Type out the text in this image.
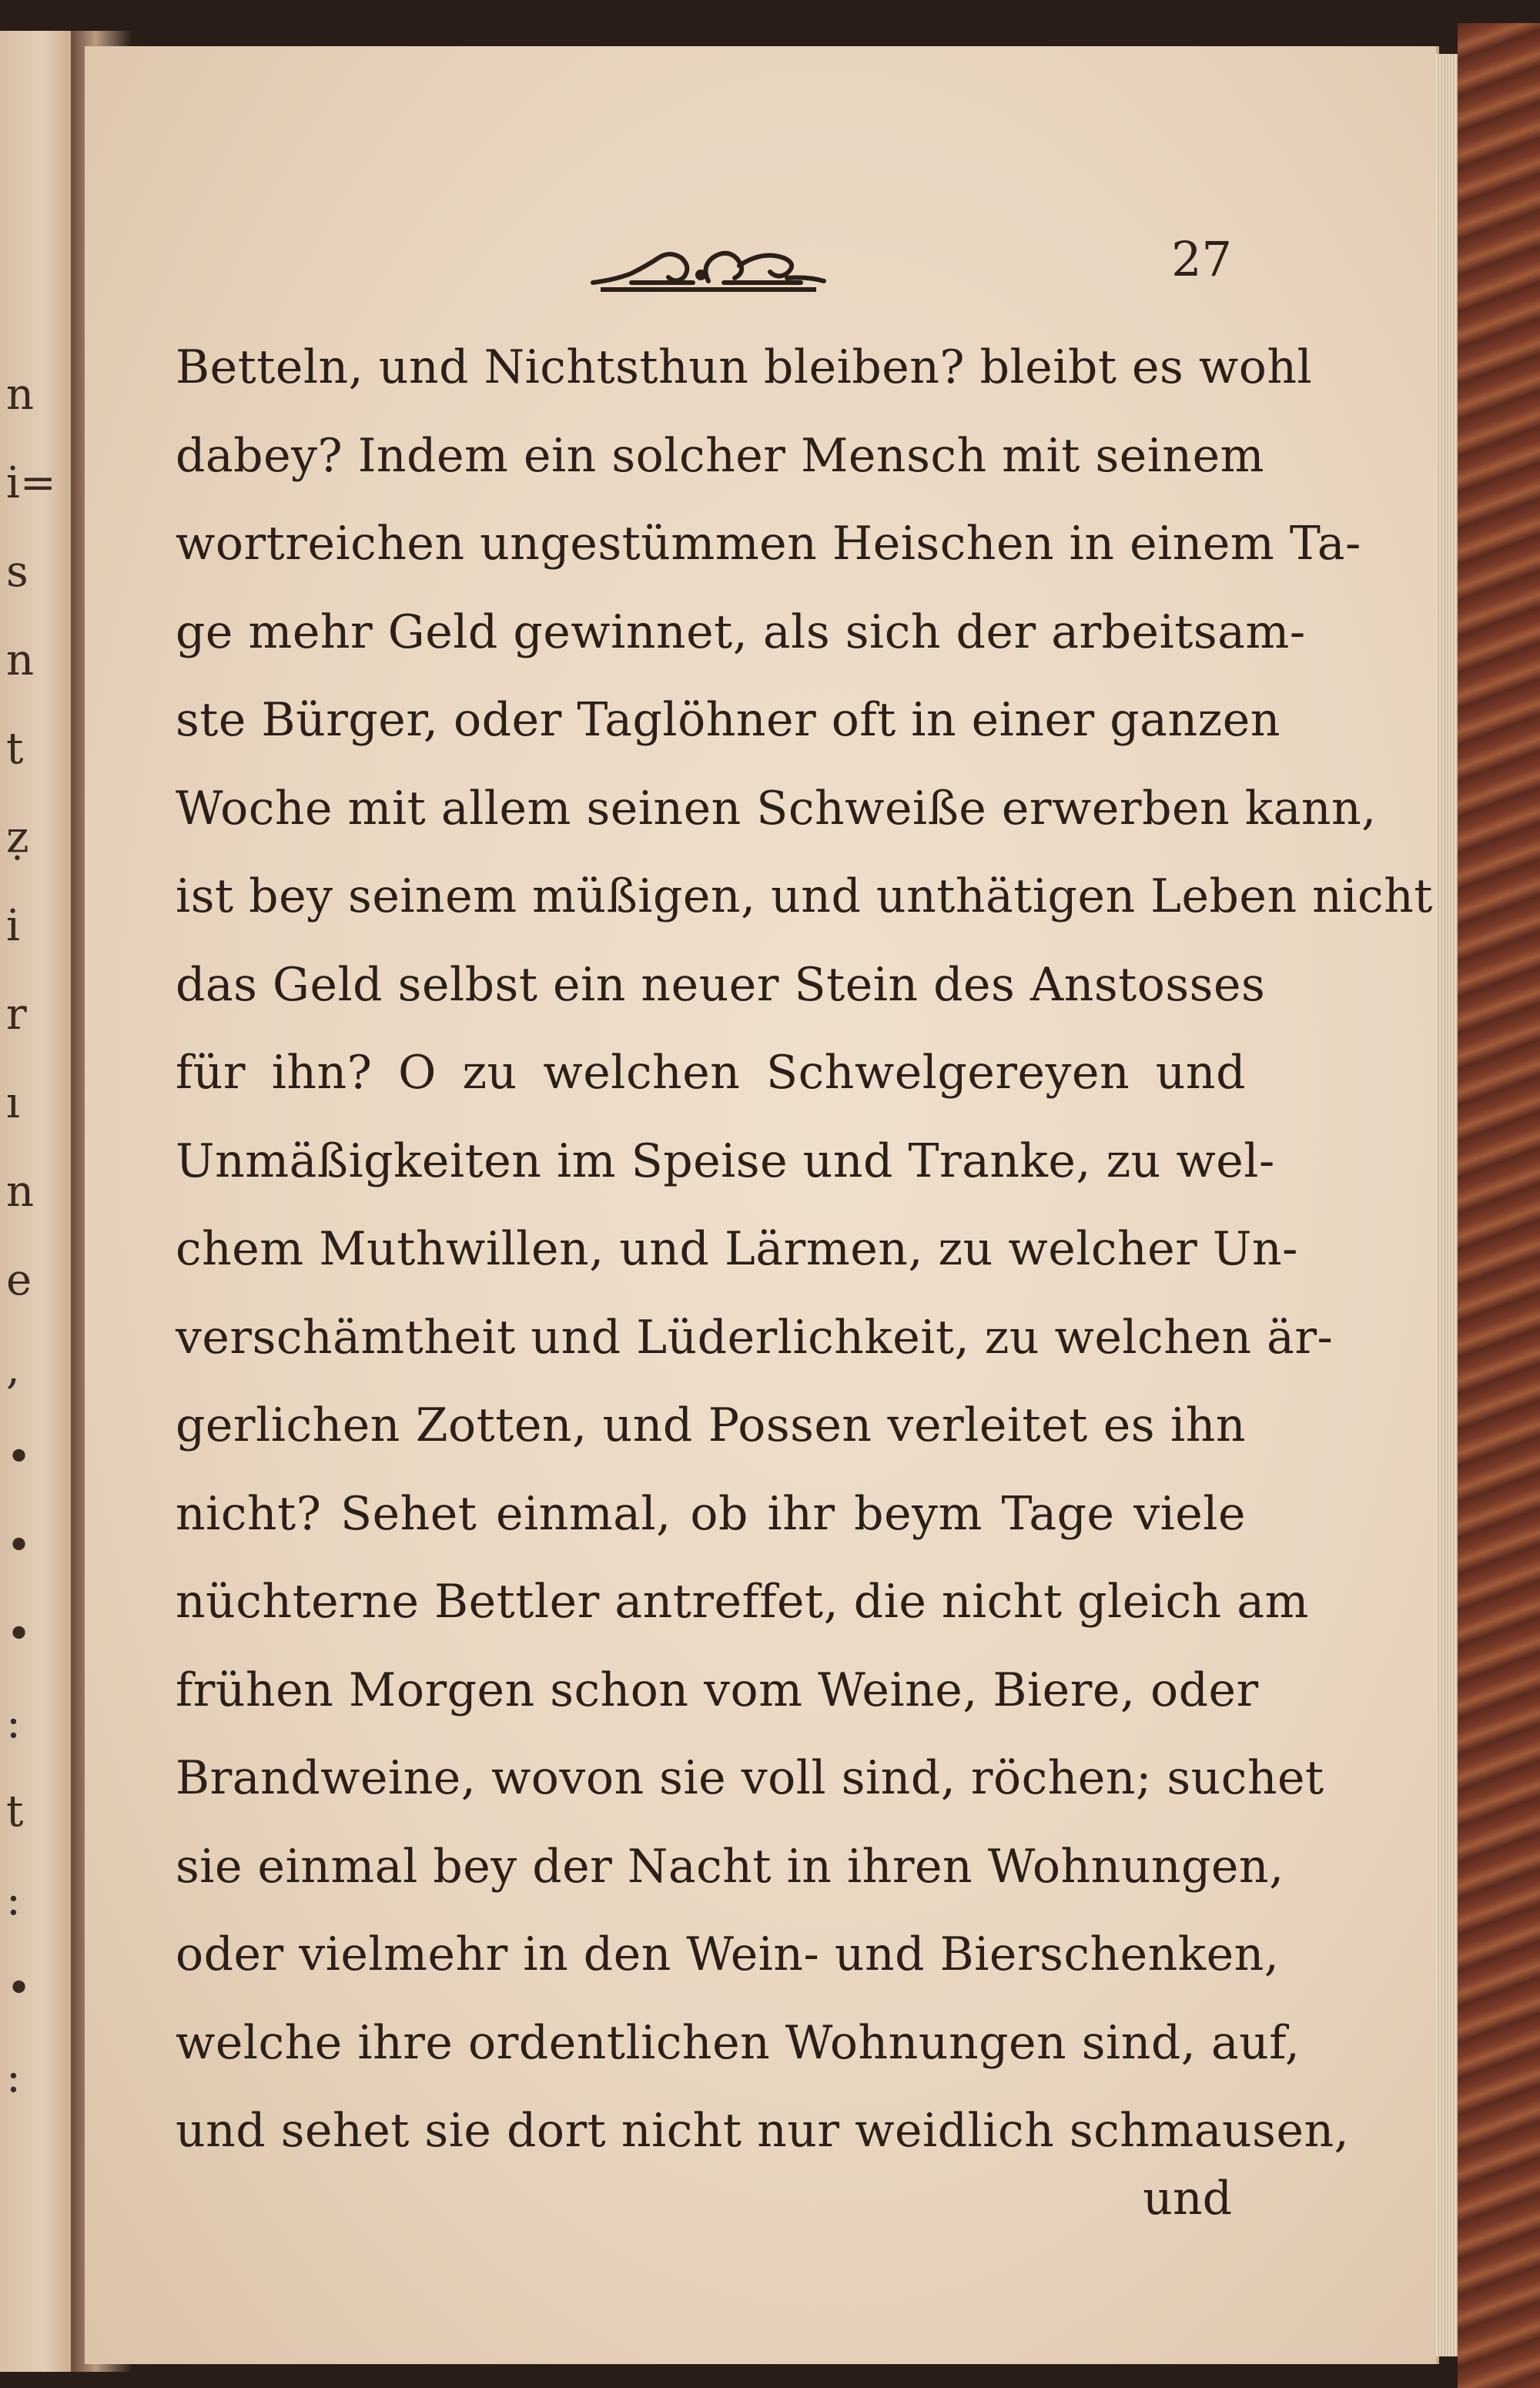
n
i=
s
n
t
ẓ
i
r
ı
n
e
,
•
•
•
:
t
:
•
:
27
Betteln, und Nichtsthun bleiben? bleibt es wohl
dabey? Indem ein solcher Mensch mit seinem
wortreichen ungestümmen Heischen in einem Ta-
ge mehr Geld gewinnet, als sich der arbeitsam-
ste Bürger, oder Taglöhner oft in einer ganzen
Woche mit allem seinen Schweiße erwerben kann,
ist bey seinem müßigen, und unthätigen Leben nicht
das Geld selbst ein neuer Stein des Anstosses
für ihn? O zu welchen Schwelgereyen und
Unmäßigkeiten im Speise und Tranke, zu wel-
chem Muthwillen, und Lärmen, zu welcher Un-
verschämtheit und Lüderlichkeit, zu welchen är-
gerlichen Zotten, und Possen verleitet es ihn
nicht? Sehet einmal, ob ihr beym Tage viele
nüchterne Bettler antreffet, die nicht gleich am
frühen Morgen schon vom Weine, Biere, oder
Brandweine, wovon sie voll sind, röchen; suchet
sie einmal bey der Nacht in ihren Wohnungen,
oder vielmehr in den Wein- und Bierschenken,
welche ihre ordentlichen Wohnungen sind, auf,
und sehet sie dort nicht nur weidlich schmausen,
und
